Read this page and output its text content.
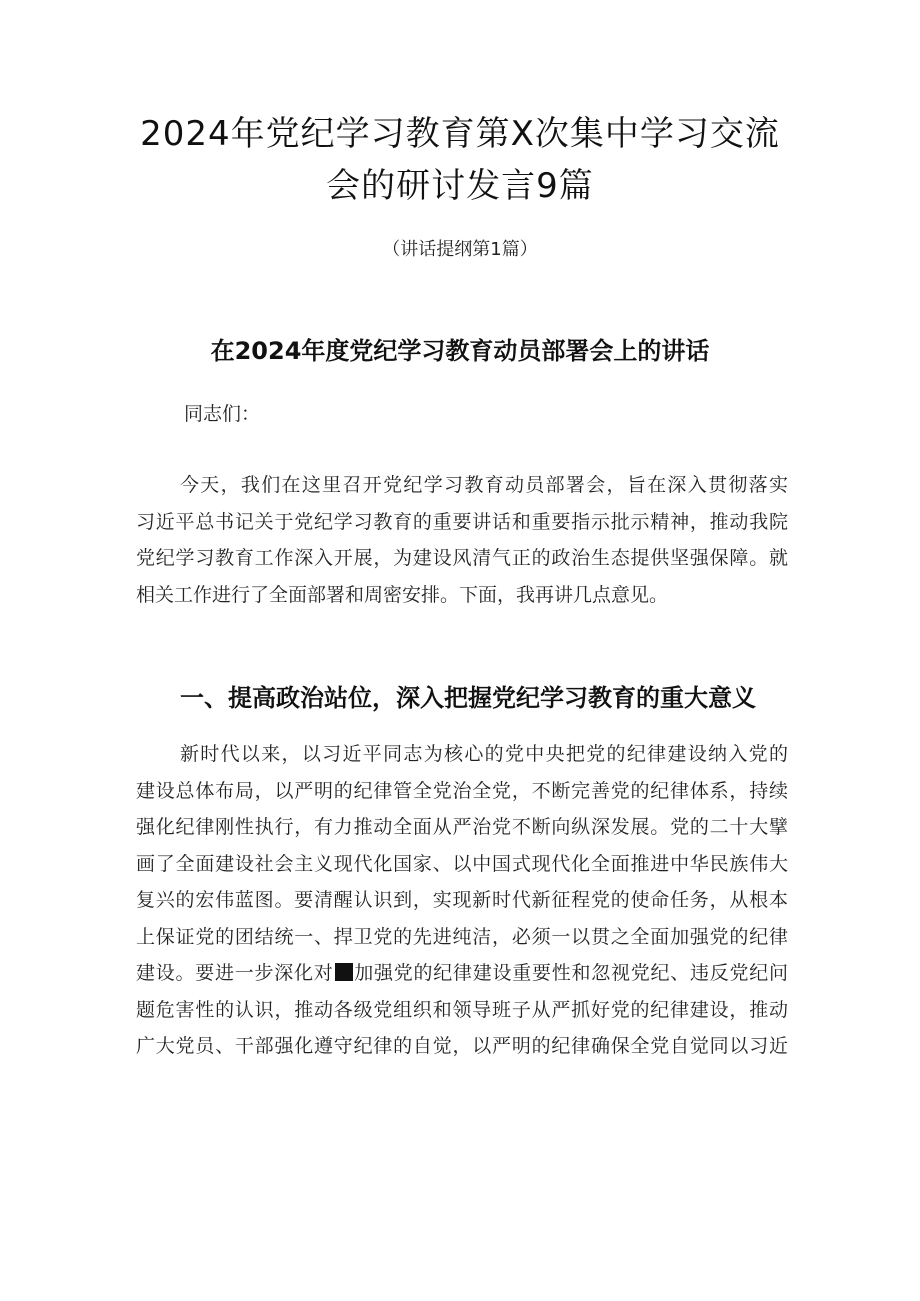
2024年党纪学习教育第X次集中学习交流
会的研讨发言9篇

（讲话提纲第1篇）

在2024年度党纪学习教育动员部署会上的讲话

同志们：

今天，我们在这里召开党纪学习教育动员部署会，旨在深入贯彻落实
习近平总书记关于党纪学习教育的重要讲话和重要指示批示精神，推动我院
党纪学习教育工作深入开展，为建设风清气正的政治生态提供坚强保障。就
相关工作进行了全面部署和周密安排。下面，我再讲几点意见。
一、提高政治站位，深入把握党纪学习教育的重大意义
新时代以来，以习近平同志为核心的党中央把党的纪律建设纳入党的
建设总体布局，以严明的纪律管全党治全党，不断完善党的纪律体系，持续
强化纪律刚性执行，有力推动全面从严治党不断向纵深发展。党的二十大擘
画了全面建设社会主义现代化国家、以中国式现代化全面推进中华民族伟大
复兴的宏伟蓝图。要清醒认识到，实现新时代新征程党的使命任务，从根本
上保证党的团结统一、捍卫党的先进纯洁，必须一以贯之全面加强党的纪律
建设。要进一步深化对 加强党的纪律建设重要性和忽视党纪、违反党纪问
题危害性的认识，推动各级党组织和领导班子从严抓好党的纪律建设，推动
广大党员、干部强化遵守纪律的自觉，以严明的纪律确保全党自觉同以习近
